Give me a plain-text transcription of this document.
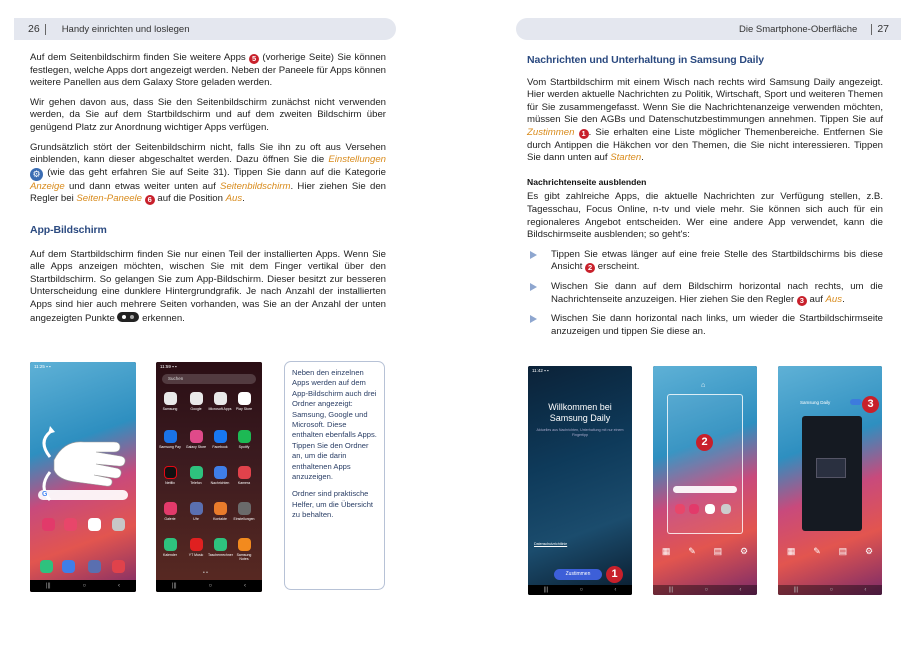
26	Handy einrichten und loslegen

Auf dem Seitenbildschirm finden Sie weitere Apps 5 (vorherige Seite) Sie können festlegen, welche Apps dort angezeigt werden. Neben der Paneele für Apps können weitere Panellen aus dem Galaxy Store geladen werden.

Wir gehen davon aus, dass Sie den Seitenbildschirm zunächst nicht verwenden werden, da Sie auf dem Startbildschirm und auf dem zweiten Bildschirm über genügend Platz zur Anordnung wichtiger Apps verfügen.

Grundsätzlich stört der Seitenbildschirm nicht, falls Sie ihn zu oft aus Versehen einblenden, kann dieser abgeschaltet werden. Dazu öffnen Sie die Einstellungen ⚙ (wie das geht erfahren Sie auf Seite 31). Tippen Sie dann auf die Kategorie Anzeige und dann etwas weiter unten auf Seitenbildschirm. Hier ziehen Sie den Regler bei Seiten-Paneele 6 auf die Position Aus.

App-Bildschirm

Auf dem Startbildschirm finden Sie nur einen Teil der installierten Apps. Wenn Sie alle Apps anzeigen möchten, wischen Sie mit dem Finger vertikal über den Startbildschirm. So gelangen Sie zum App-Bildschirm. Dieser besitzt zur besseren Unterscheidung eine dunklere Hintergrundgrafik. Je nach Anzahl der installierten Apps sind hier auch mehrere Seiten vorhanden, was Sie an der Anzahl der unten angezeigten Punkte  erkennen.

11:25 ▪ ▪
G
|||	○	‹
11:59 ▪ ▪
Suchen
Samsung	Google	Microsoft Apps	Play Store
Samsung Pay	Galaxy Store	Facebook	Spotify
Netflix	Telefon	Nachrichten	Kamera
Galerie	Uhr	Kontakte	Einstellungen
Kalender	YT Music	Taschenrechner	Samsung Notes
• •
|||	○	‹

Neben den einzelnen Apps werden auf dem App-Bildschirm auch drei Ordner angezeigt: Samsung, Google und Microsoft. Diese enthalten ebenfalls Apps. Tippen Sie den Ordner an, um die darin enthaltenen Apps anzuzeigen.

Ordner sind praktische Helfer, um die Übersicht zu behalten.

Die Smartphone-Oberfläche	27
Nachrichten und Unterhaltung in Samsung Daily

Vom Startbildschirm mit einem Wisch nach rechts wird Samsung Daily angezeigt. Hier werden aktuelle Nachrichten zu Politik, Wirtschaft, Sport und weiteren Themen für Sie zusammengefasst. Wenn Sie die Nachrichtenanzeige verwenden möchten, müssen Sie den AGBs und Datenschutzbestimmungen annehmen. Tippen Sie auf Zustimmen 1 . Sie erhalten eine Liste möglicher Themenbereiche. Entfernen Sie durch Antippen die Häkchen vor den Themen, die Sie nicht interessieren. Tippen Sie dann unten auf Starten.

Nachrichtenseite ausblenden

Es gibt zahlreiche Apps, die aktuelle Nachrichten zur Verfügung stellen, z.B. Tagesschau, Focus Online, n-tv und viele mehr. Sie können sich auch für ein regionaleres Angebot entscheiden. Wer eine andere App verwendet, kann die Bildschirmseite ausblenden; so geht's:

Tippen Sie etwas länger auf eine freie Stelle des Startbildschirms bis diese Ansicht 2 erscheint.
Wischen Sie dann auf dem Bildschirm horizontal nach rechts, um die Nachrichtenseite anzuzeigen. Hier ziehen Sie den Regler 3 auf Aus.
Wischen Sie dann horizontal nach links, um wieder die Startbildschirmseite anzuzeigen und tippen Sie diese an.
11:42 ▪ ▪
Willkommen bei Samsung Daily
Aktuelles aus Nachrichten, Unterhaltung mit nur einem Fingertipp
Datenschutzrichtlinie
Zustimmen	1
|||	○	‹
⌂
2
▦ ✎ ▤ ⚙
|||	○	‹
Samsung Daily	3
▦ ✎ ▤ ⚙
|||	○	‹
